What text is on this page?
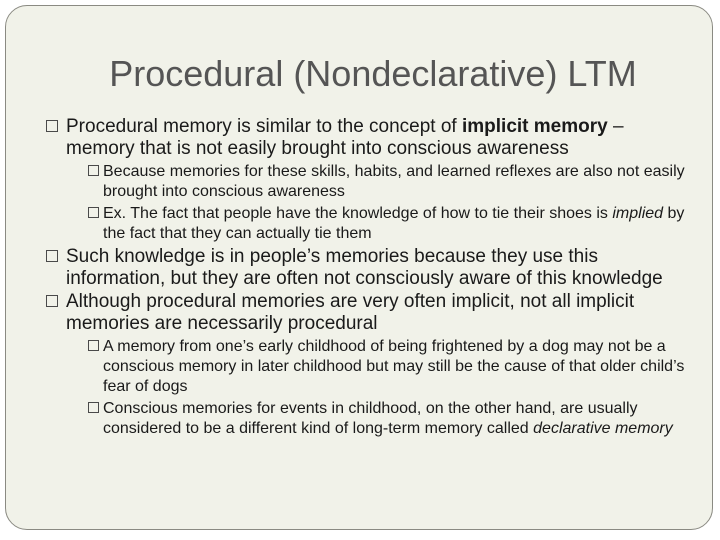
Procedural (Nondeclarative) LTM

Procedural memory is similar to the concept of implicit memory – memory that is not easily brought into conscious awareness

Because memories for these skills, habits, and learned reflexes are also not easily brought into conscious awareness
Ex. The fact that people have the knowledge of how to tie their shoes is implied by the fact that they can actually tie them

Such knowledge is in people’s memories because they use this information, but they are often not consciously aware of this knowledge

Although procedural memories are very often implicit, not all implicit memories are necessarily procedural

A memory from one’s early childhood of being frightened by a dog may not be a conscious memory in later childhood but may still be the cause of that older child’s fear of dogs
Conscious memories for events in childhood, on the other hand, are usually considered to be a different kind of long-term memory called declarative memory
